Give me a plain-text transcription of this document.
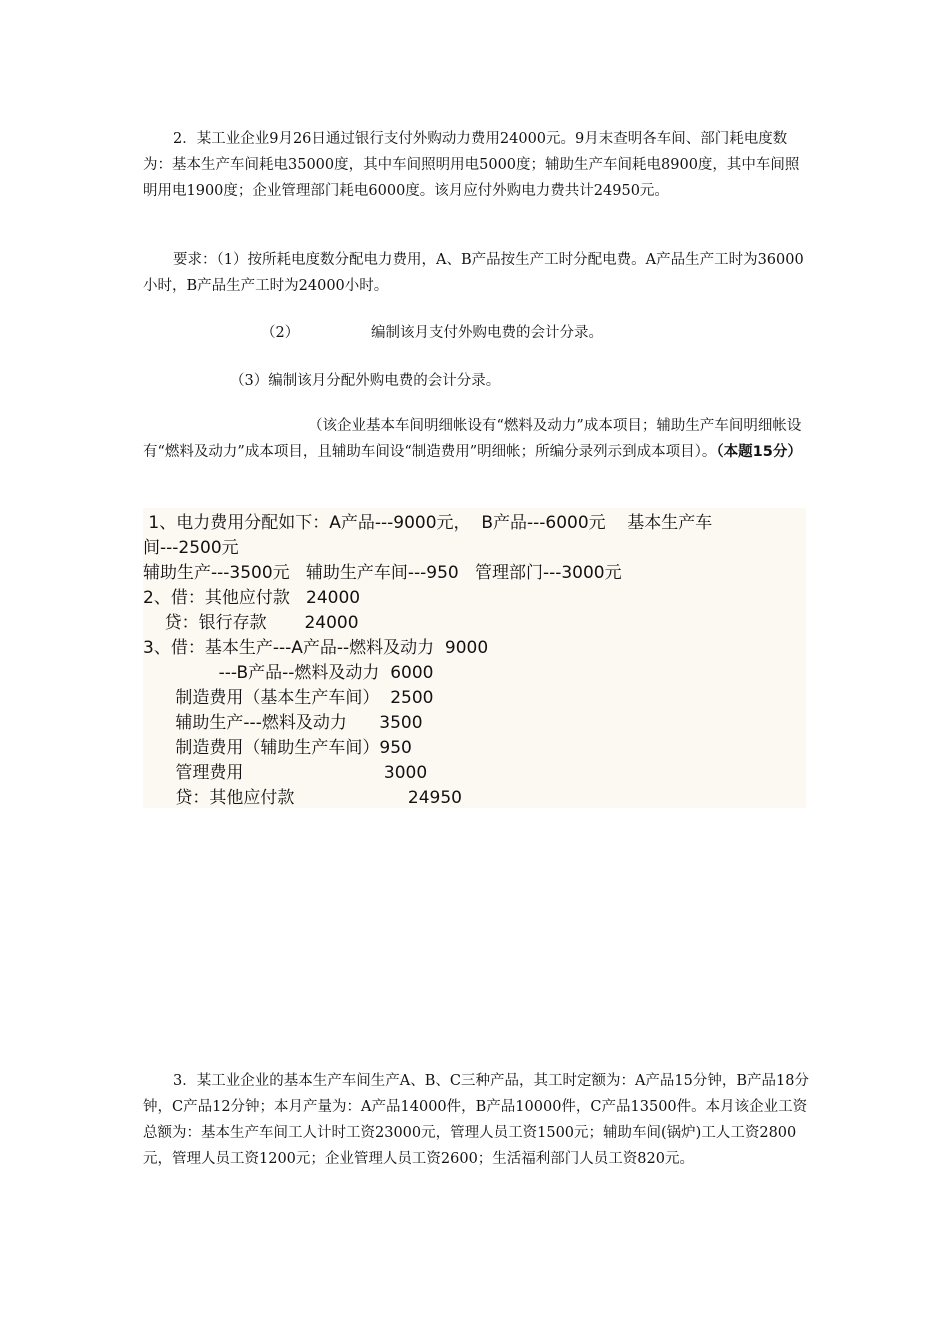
2．某工业企业9月26日通过银行支付外购动力费用24000元。9月末查明各车间、部门耗电度数为：基本生产车间耗电35000度，其中车间照明用电5000度；辅助生产车间耗电8900度，其中车间照明用电1900度；企业管理部门耗电6000度。该月应付外购电力费共计24950元。

要求：（1）按所耗电度数分配电力费用，A、B产品按生产工时分配电费。A产品生产工时为36000小时，B产品生产工时为24000小时。

（2）	编制该月支付外购电费的会计分录。

（3）编制该月分配外购电费的会计分录。

（该企业基本车间明细帐设有“燃料及动力”成本项目；辅助生产车间明细帐设有“燃料及动力”成本项目，且辅助车间设“制造费用”明细帐；所编分录列示到成本项目）。（本题15分）

1、电力费用分配如下：A产品---9000元，  B产品---6000元    基本生产车
间---2500元
辅助生产---3500元   辅助生产车间---950   管理部门---3000元
2、借：其他应付款   24000
贷：银行存款       24000
3、借：基本生产---A产品--燃料及动力  9000
---B产品--燃料及动力  6000
制造费用（基本生产车间）  2500
辅助生产---燃料及动力      3500
制造费用（辅助生产车间）950
管理费用                          3000
贷：其他应付款                     24950

3．某工业企业的基本生产车间生产A、B、C三种产品，其工时定额为：A产品15分钟，B产品18分钟，C产品12分钟；本月产量为：A产品14000件，B产品10000件，C产品13500件。本月该企业工资总额为：基本生产车间工人计时工资23000元，管理人员工资1500元；辅助车间(锅炉)工人工资2800元，管理人员工资1200元；企业管理人员工资2600；生活福利部门人员工资820元。
